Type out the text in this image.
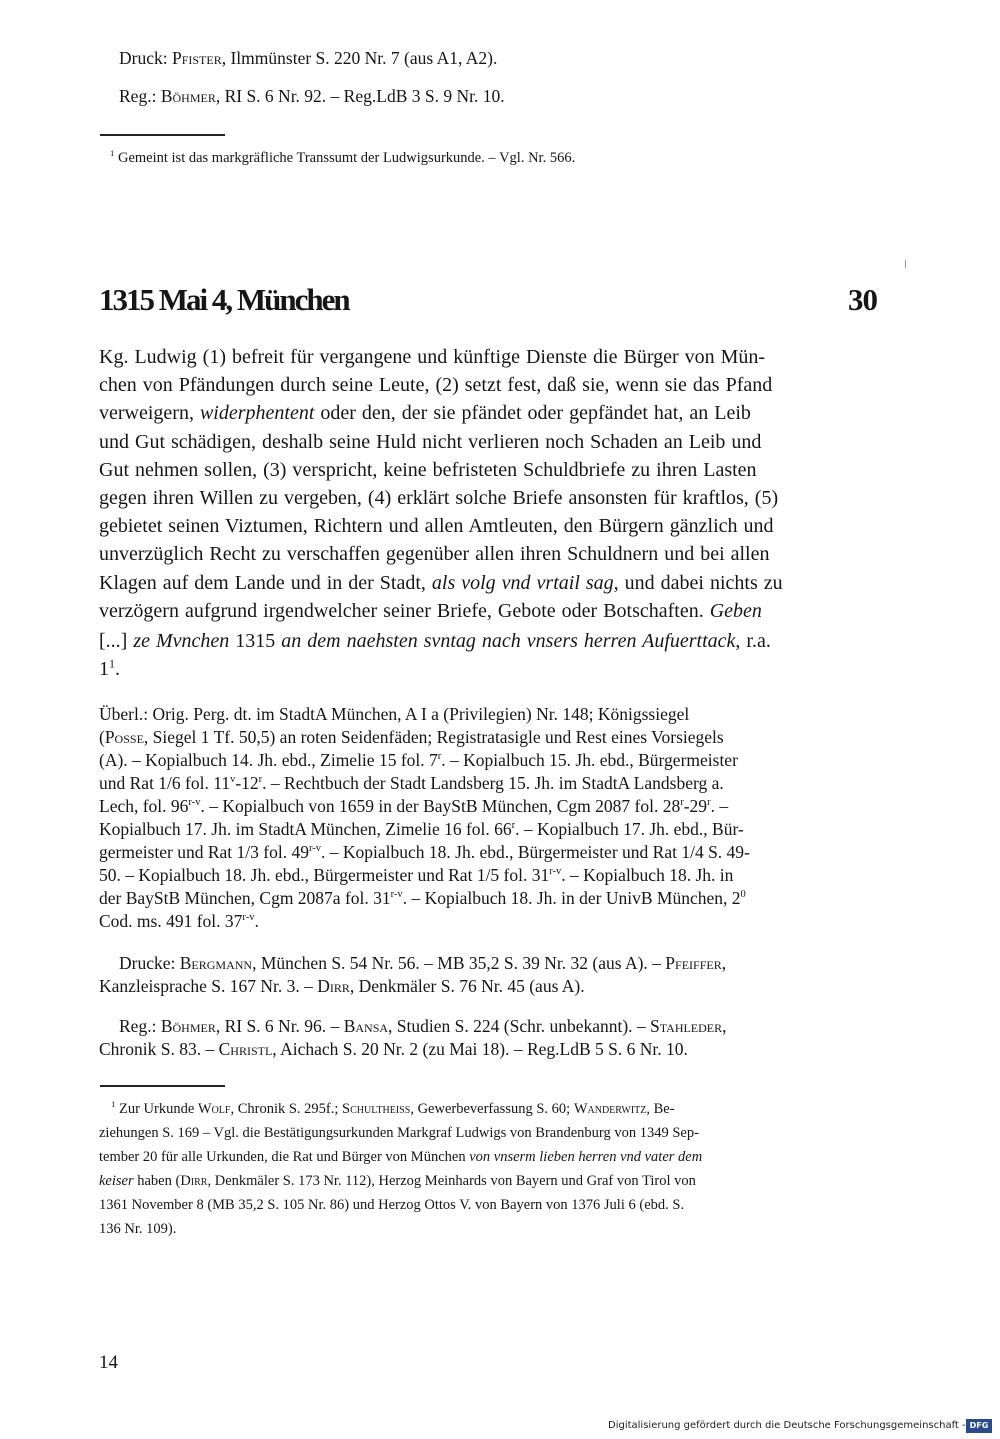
Druck: Pfister, Ilmmünster S. 220 Nr. 7 (aus A1, A2).
Reg.: Böhmer, RI S. 6 Nr. 92. – Reg.LdB 3 S. 9 Nr. 10.
$^1$ Gemeint ist das markgräfliche Transsumt der Ludwigsurkunde. – Vgl. Nr. 566.
1315 Mai 4, München	30
Kg. Ludwig (1) befreit für vergangene und künftige Dienste die Bürger von Mün-
chen von Pfändungen durch seine Leute, (2) setzt fest, daß sie, wenn sie das Pfand
verweigern, widerphentent oder den, der sie pfändet oder gepfändet hat, an Leib
und Gut schädigen, deshalb seine Huld nicht verlieren noch Schaden an Leib und
Gut nehmen sollen, (3) verspricht, keine befristeten Schuldbriefe zu ihren Lasten
gegen ihren Willen zu vergeben, (4) erklärt solche Briefe ansonsten für kraftlos, (5)
gebietet seinen Viztumen, Richtern und allen Amtleuten, den Bürgern gänzlich und
unverzüglich Recht zu verschaffen gegenüber allen ihren Schuldnern und bei allen
Klagen auf dem Lande und in der Stadt, als volg vnd vrtail sag, und dabei nichts zu
verzögern aufgrund irgendwelcher seiner Briefe, Gebote oder Botschaften. Geben
[...] ze Mvnchen 1315 an dem naehsten svntag nach vnsers herren Aufuerttack, r.a.
$1^1$.
Überl.: Orig. Perg. dt. im StadtA München, A I a (Privilegien) Nr. 148; Königssiegel
(Posse, Siegel 1 Tf. 50,5) an roten Seidenfäden; Registratasigle und Rest eines Vorsiegels
(A). – Kopialbuch 14. Jh. ebd., Zimelie 15 fol. 7$^r$. – Kopialbuch 15. Jh. ebd., Bürgermeister
und Rat 1/6 fol. 11$^v$-12$^r$. – Rechtbuch der Stadt Landsberg 15. Jh. im StadtA Landsberg a.
Lech, fol. 96$^{r-v}$. – Kopialbuch von 1659 in der BayStB München, Cgm 2087 fol. 28$^r$-29$^r$. –
Kopialbuch 17. Jh. im StadtA München, Zimelie 16 fol. 66$^r$. – Kopialbuch 17. Jh. ebd., Bür-
germeister und Rat 1/3 fol. 49$^{r-v}$. – Kopialbuch 18. Jh. ebd., Bürgermeister und Rat 1/4 S. 49-
50. – Kopialbuch 18. Jh. ebd., Bürgermeister und Rat 1/5 fol. 31$^{r-v}$. – Kopialbuch 18. Jh. in
der BayStB München, Cgm 2087a fol. 31$^{r-v}$. – Kopialbuch 18. Jh. in der UnivB München, $2^0$
Cod. ms. 491 fol. 37$^{r-v}$.
Drucke: Bergmann, München S. 54 Nr. 56. – MB 35,2 S. 39 Nr. 32 (aus A). – Pfeiffer,
Kanzleisprache S. 167 Nr. 3. – Dirr, Denkmäler S. 76 Nr. 45 (aus A).
Reg.: Böhmer, RI S. 6 Nr. 96. – Bansa, Studien S. 224 (Schr. unbekannt). – Stahleder,
Chronik S. 83. – Christl, Aichach S. 20 Nr. 2 (zu Mai 18). – Reg.LdB 5 S. 6 Nr. 10.
$^1$ Zur Urkunde Wolf, Chronik S. 295f.; Schultheiss, Gewerbeverfassung S. 60; Wanderwitz, Be-
ziehungen S. 169 – Vgl. die Bestätigungsurkunden Markgraf Ludwigs von Brandenburg von 1349 Sep-
tember 20 für alle Urkunden, die Rat und Bürger von München von vnserm lieben herren vnd vater dem
keiser haben (Dirr, Denkmäler S. 173 Nr. 112), Herzog Meinhards von Bayern und Graf von Tirol von
1361 November 8 (MB 35,2 S. 105 Nr. 86) und Herzog Ottos V. von Bayern von 1376 Juli 6 (ebd. S.
136 Nr. 109).
14
Digitalisierung gefördert durch die Deutsche Forschungsgemeinschaft - DFG
